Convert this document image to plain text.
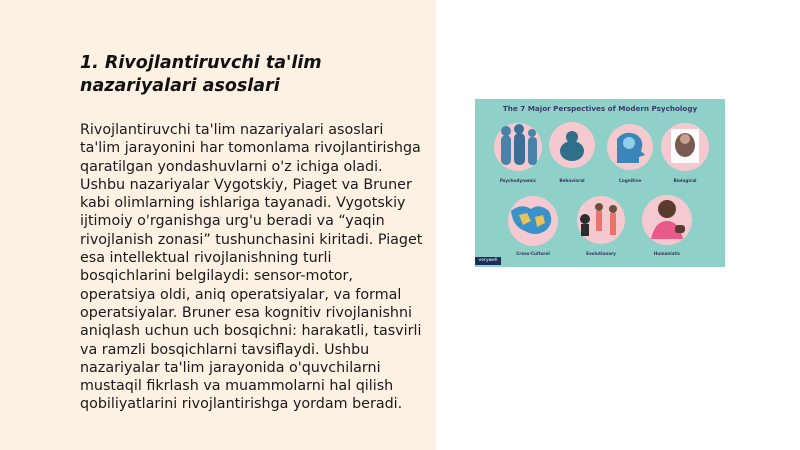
1. Rivojlantiruvchi ta'lim nazariyalari asoslari

Rivojlantiruvchi ta'lim nazariyalari asoslari ta'lim jarayonini har tomonlama rivojlantirishga qaratilgan yondashuvlarni o'z ichiga oladi. Ushbu nazariyalar Vygotskiy, Piaget va Bruner kabi olimlarning ishlariga tayanadi. Vygotskiy ijtimoiy o'rganishga urg'u beradi va “yaqin rivojlanish zonasi” tushunchasini kiritadi. Piaget esa intellektual rivojlanishning turli bosqichlarini belgilaydi: sensor-motor, operatsiya oldi, aniq operatsiyalar, va formal operatsiyalar. Bruner esa kognitiv rivojlanishni aniqlash uchun uch bosqichni: harakatli, tasvirli va ramzli bosqichlarni tavsiflaydi. Ushbu nazariyalar ta'lim jarayonida o'quvchilarni mustaqil fikrlash va muammolarni hal qilish qobiliyatlarini rivojlantirishga yordam beradi.

The 7 Major Perspectives of Modern Psychology
Psychodynamic	Behavioral	Cognitive	Biological
Cross-Cultural	Evolutionary	Humanistic
verywell
